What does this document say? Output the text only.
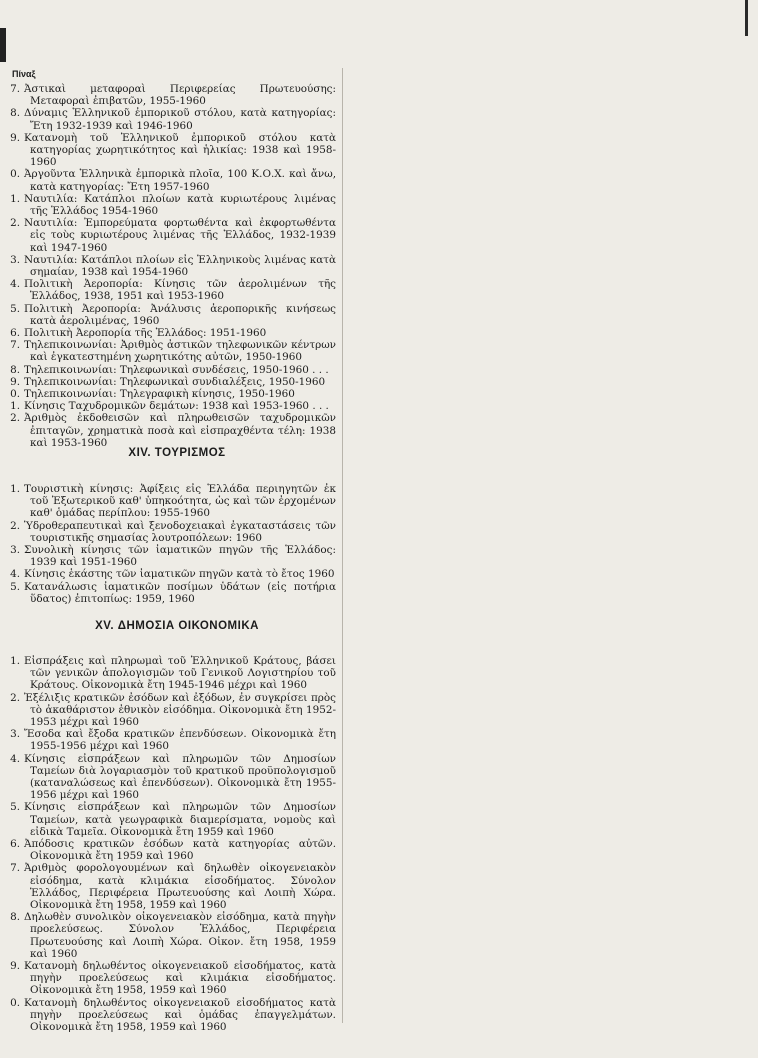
Πίναξ
7. Ἀστικαὶ μεταφοραὶ Περιφερείας Πρωτευούσης: Μεταφοραὶ ἐπιβατῶν, 1955-1960
8. Δύναμις Ἑλληνικοῦ ἐμπορικοῦ στόλου, κατὰ κατηγορίας: Ἔτη 1932-1939 καὶ 1946-1960
9. Κατανομὴ τοῦ Ἑλληνικοῦ ἐμπορικοῦ στόλου κατὰ κατηγορίας χωρητικότητος καὶ ἡλικίας: 1938 καὶ 1958-1960
0. Ἀργοῦντα Ἑλληνικὰ ἐμπορικὰ πλοῖα, 100 Κ.Ο.Χ. καὶ ἄνω, κατὰ κατηγορίας: Ἔτη 1957-1960
1. Ναυτιλία: Κατάπλοι πλοίων κατὰ κυριωτέρους λιμένας τῆς Ἑλλάδος 1954-1960
2. Ναυτιλία: Ἐμπορεύματα φορτωθέντα καὶ ἐκφορτωθέντα εἰς τοὺς κυριωτέρους λιμένας τῆς Ἑλλάδος, 1932-1939 καὶ 1947-1960
3. Ναυτιλία: Κατάπλοι πλοίων εἰς Ἑλληνικοὺς λιμένας κατὰ σημαίαν, 1938 καὶ 1954-1960
4. Πολιτικὴ Ἀεροπορία: Κίνησις τῶν ἀερολιμένων τῆς Ἑλλάδος, 1938, 1951 καὶ 1953-1960
5. Πολιτικὴ Ἀεροπορία: Ἀνάλυσις ἀεροπορικῆς κινήσεως κατὰ ἀερολιμένας, 1960
6. Πολιτικὴ Ἀεροπορία τῆς Ἑλλάδος: 1951-1960
7. Τηλεπικοινωνίαι: Ἀριθμὸς ἀστικῶν τηλεφωνικῶν κέντρων καὶ ἐγκατεστημένη χωρητικότης αὐτῶν, 1950-1960
8. Τηλεπικοινωνίαι: Τηλεφωνικαὶ συνδέσεις, 1950-1960 . . .
9. Τηλεπικοινωνίαι: Τηλεφωνικαὶ συνδιαλέξεις, 1950-1960
0. Τηλεπικοινωνίαι: Τηλεγραφικὴ κίνησις, 1950-1960
1. Κίνησις Ταχυδρομικῶν δεμάτων: 1938 καὶ 1953-1960 . . .
2. Ἀριθμὸς ἐκδοθεισῶν καὶ πληρωθεισῶν ταχυδρομικῶν ἐπιταγῶν, χρηματικὰ ποσὰ καὶ εἰσπραχθέντα τέλη: 1938 καὶ 1953-1960
XIV. ΤΟΥΡΙΣΜΟΣ
1. Τουριστικὴ κίνησις: Ἀφίξεις εἰς Ἑλλάδα περιηγητῶν ἐκ τοῦ Ἐξωτερικοῦ καθ' ὑπηκοότητα, ὡς καὶ τῶν ἐρχομένων καθ' ὁμάδας περίπλου: 1955-1960
2. Ὑδροθεραπευτικαὶ καὶ ξενοδοχειακαὶ ἐγκαταστάσεις τῶν τουριστικῆς σημασίας λουτροπόλεων: 1960
3. Συνολικὴ κίνησις τῶν ἰαματικῶν πηγῶν τῆς Ἑλλάδος: 1939 καὶ 1951-1960
4. Κίνησις ἑκάστης τῶν ἰαματικῶν πηγῶν κατὰ τὸ ἔτος 1960
5. Κατανάλωσις ἰαματικῶν ποσίμων ὑδάτων (εἰς ποτήρια ὕδατος) ἐπιτοπίως: 1959, 1960
XV. ΔΗΜΟΣΙΑ ΟΙΚΟΝΟΜΙΚΑ
1. Εἰσπράξεις καὶ πληρωμαὶ τοῦ Ἑλληνικοῦ Κράτους, βάσει τῶν γενικῶν ἀπολογισμῶν τοῦ Γενικοῦ Λογιστηρίου τοῦ Κράτους. Οἰκονομικὰ ἔτη 1945-1946 μέχρι καὶ 1960
2. Ἐξέλιξις κρατικῶν ἐσόδων καὶ ἐξόδων, ἐν συγκρίσει πρὸς τὸ ἀκαθάριστον ἐθνικὸν εἰσόδημα. Οἰκονομικὰ ἔτη 1952-1953 μέχρι καὶ 1960
3. Ἔσοδα καὶ ἔξοδα κρατικῶν ἐπενδύσεων. Οἰκονομικὰ ἔτη 1955-1956 μέχρι καὶ 1960
4. Κίνησις εἰσπράξεων καὶ πληρωμῶν τῶν Δημοσίων Ταμείων διὰ λογαριασμὸν τοῦ κρατικοῦ προϋπολογισμοῦ (καταναλώσεως καὶ ἐπενδύσεων). Οἰκονομικὰ ἔτη 1955-1956 μέχρι καὶ 1960
5. Κίνησις εἰσπράξεων καὶ πληρωμῶν τῶν Δημοσίων Ταμείων, κατὰ γεωγραφικὰ διαμερίσματα, νομοὺς καὶ εἰδικὰ Ταμεῖα. Οἰκονομικὰ ἔτη 1959 καὶ 1960
6. Ἀπόδοσις κρατικῶν ἐσόδων κατὰ κατηγορίας αὐτῶν. Οἰκονομικὰ ἔτη 1959 καὶ 1960
7. Ἀριθμὸς φορολογουμένων καὶ δηλωθὲν οἰκογενειακὸν εἰσόδημα, κατὰ κλιμάκια εἰσοδήματος. Σύνολον Ἑλλάδος, Περιφέρεια Πρωτευούσης καὶ Λοιπὴ Χώρα. Οἰκονομικὰ ἔτη 1958, 1959 καὶ 1960
8. Δηλωθὲν συνολικὸν οἰκογενειακὸν εἰσόδημα, κατὰ πηγὴν προελεύσεως. Σύνολον Ἑλλάδος, Περιφέρεια Πρωτευούσης καὶ Λοιπὴ Χώρα. Οἰκον. ἔτη 1958, 1959 καὶ 1960
9. Κατανομὴ δηλωθέντος οἰκογενειακοῦ εἰσοδήματος, κατὰ πηγὴν προελεύσεως καὶ κλιμάκια εἰσοδήματος. Οἰκονομικὰ ἔτη 1958, 1959 καὶ 1960
0. Κατανομὴ δηλωθέντος οἰκογενειακοῦ εἰσοδήματος κατὰ πηγὴν προελεύσεως καὶ ὁμάδας ἐπαγγελμάτων. Οἰκονομικὰ ἔτη 1958, 1959 καὶ 1960
